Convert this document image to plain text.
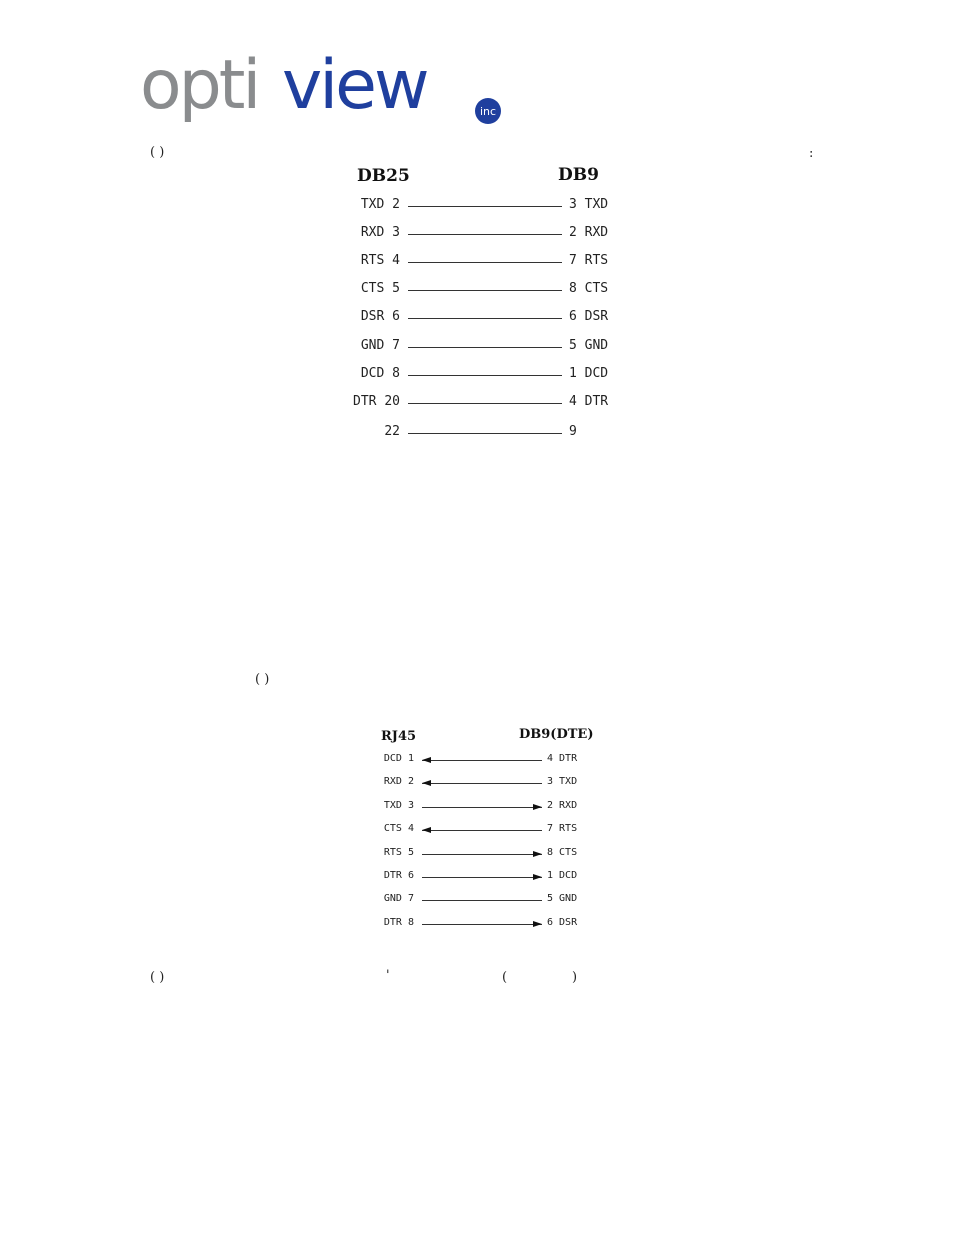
opti view	inc
( )	:
DB25	DB9
TXD 2	3 TXD
RXD 3	2 RXD
RTS 4	7 RTS
CTS 5	8 CTS
DSR 6	6 DSR
GND 7	5 GND
DCD 8	1 DCD
DTR 20	4 DTR
22	9
( )
RJ45	DB9(DTE)
DCD 1	4 DTR
RXD 2	3 TXD
TXD 3	2 RXD
CTS 4	7 RTS
RTS 5	8 CTS
DTR 6	1 DCD
GND 7	5 GND
DTR 8	6 DSR
( )	'	(	)
